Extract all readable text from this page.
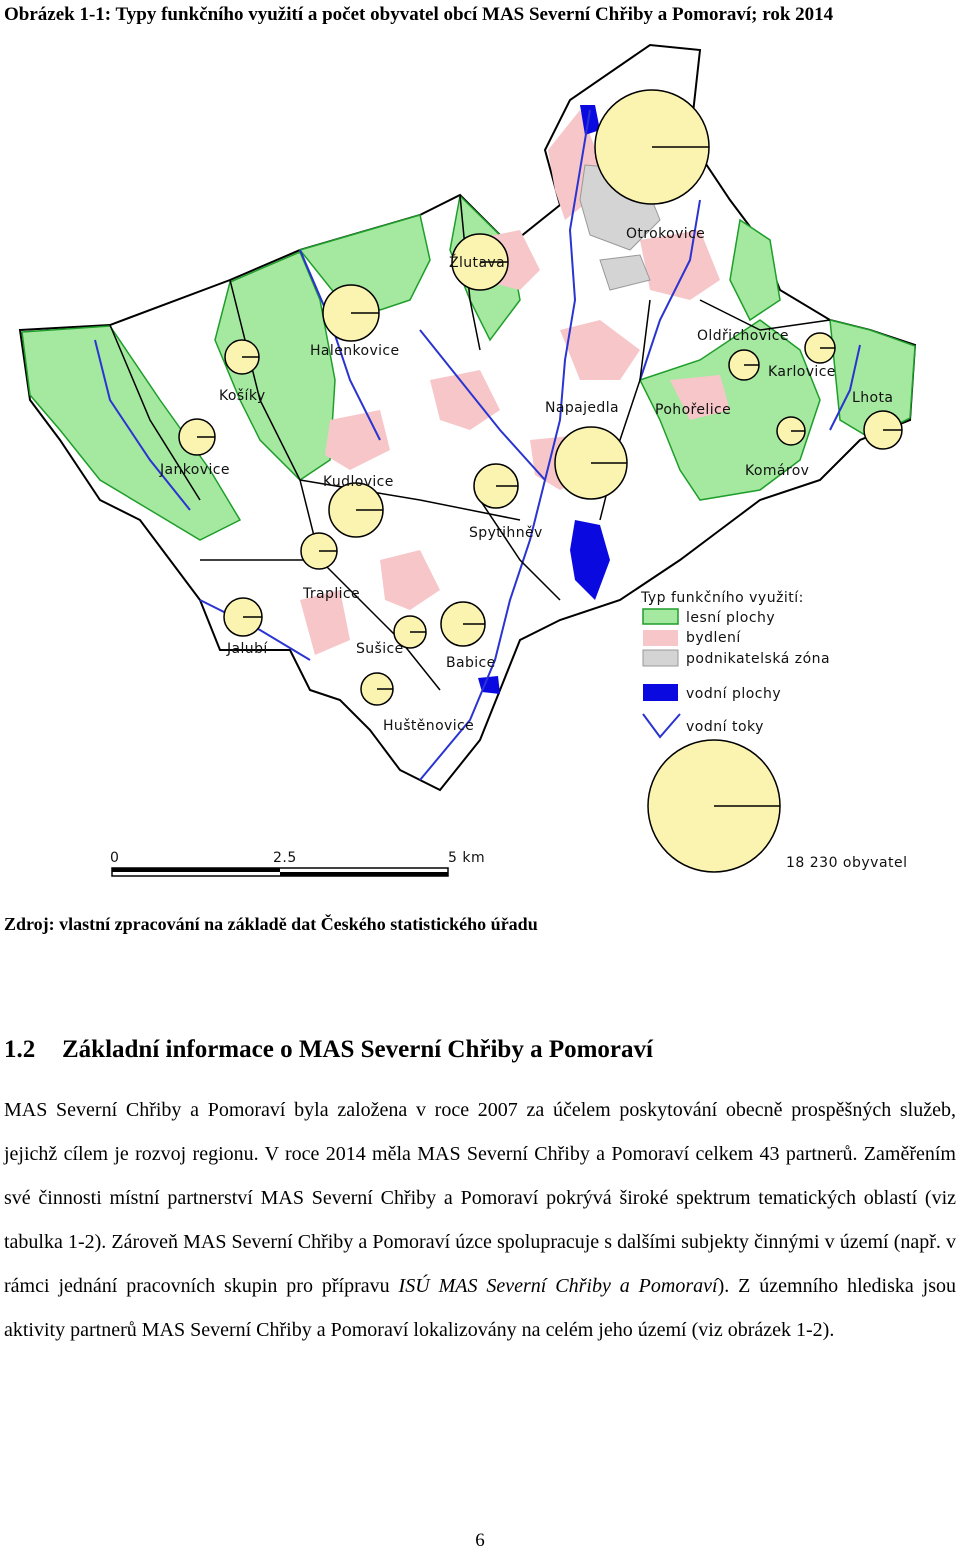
Obrázek 1-1: Typy funkčního využití a počet obyvatel obcí MAS Severní Chřiby a Pomoraví; rok 2014
Otrokovice
Žlutava
Halenkovice
Oldřichovice
Karlovice
Košíky
Napajedla	Pohořelice
Lhota
Jankovice
Kudlovice
Komárov
Spytihněv
Traplice
Jalubí	Sušice
Babice
Huštěnovice
Typ funkčního využití:
lesní plochy
bydlení
podnikatelská zóna
vodní plochy
vodní toky
18 230 obyvatel
0	2.5	5 km
Zdroj: vlastní zpracování na základě dat Českého statistického úřadu
1.2 Základní informace o MAS Severní Chřiby a Pomoraví

MAS Severní Chřiby a Pomoraví byla založena v roce 2007 za účelem poskytování obecně prospěšných služeb, jejichž cílem je rozvoj regionu. V roce 2014 měla MAS Severní Chřiby a Pomoraví celkem 43 partnerů. Zaměřením své činnosti místní partnerství MAS Severní Chřiby a Pomoraví pokrývá široké spektrum tematických oblastí (viz tabulka 1-2). Zároveň MAS Severní Chřiby a Pomoraví úzce spolupracuje s dalšími subjekty činnými v území (např. v rámci jednání pracovních skupin pro přípravu ISÚ MAS Severní Chřiby a Pomoraví). Z územního hlediska jsou aktivity partnerů MAS Severní Chřiby a Pomoraví lokalizovány na celém jeho území (viz obrázek 1-2).

6
